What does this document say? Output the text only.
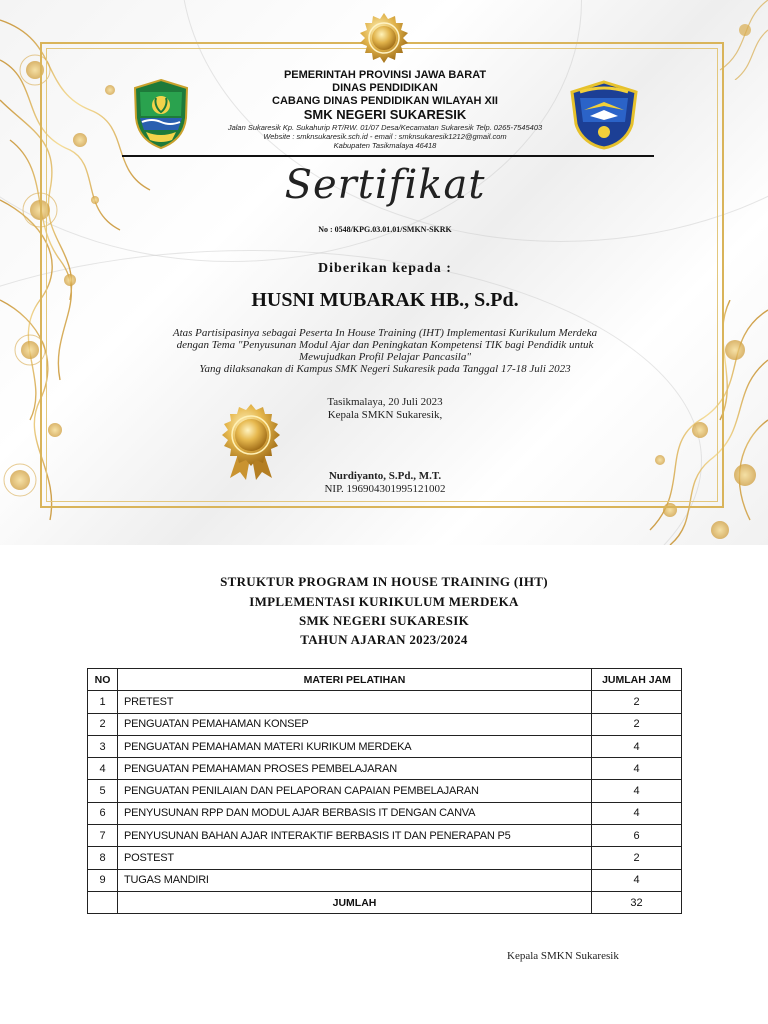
PEMERINTAH PROVINSI JAWA BARAT
DINAS PENDIDIKAN
CABANG DINAS PENDIDIKAN WILAYAH XII
SMK NEGERI SUKARESIK
Jalan Sukaresik Kp. Sukahurip RT/RW. 01/07 Desa/Kecamatan Sukaresik Telp. 0265-7545403
Website : smknsukaresik.sch.id - email : smknsukaresik1212@gmail.com
Kabupaten Tasikmalaya 46418
Sertifikat
No : 0548/KPG.03.01.01/SMKN-SKRK
Diberikan kepada :
HUSNI MUBARAK HB., S.Pd.
Atas Partisipasinya sebagai Peserta In House Training (IHT) Implementasi Kurikulum Merdeka
dengan Tema "Penyusunan Modul Ajar dan Peningkatan Kompetensi TIK bagi Pendidik untuk
Mewujudkan Profil Pelajar Pancasila"
Yang dilaksanakan di Kampus SMK Negeri Sukaresik pada Tanggal 17-18 Juli 2023
Tasikmalaya, 20 Juli 2023
Kepala SMKN Sukaresik,
Nurdiyanto, S.Pd., M.T.
NIP. 196904301995121002
STRUKTUR PROGRAM IN HOUSE TRAINING (IHT)
IMPLEMENTASI KURIKULUM MERDEKA
SMK NEGERI SUKARESIK
TAHUN AJARAN 2023/2024
NO	MATERI PELATIHAN	JUMLAH JAM
1	PRETEST	2
2	PENGUATAN PEMAHAMAN KONSEP	2
3	PENGUATAN PEMAHAMAN MATERI KURIKUM MERDEKA	4
4	PENGUATAN PEMAHAMAN PROSES PEMBELAJARAN	4
5	PENGUATAN PENILAIAN DAN PELAPORAN CAPAIAN PEMBELAJARAN	4
6	PENYUSUNAN RPP DAN MODUL AJAR BERBASIS IT DENGAN CANVA	4
7	PENYUSUNAN BAHAN AJAR INTERAKTIF BERBASIS IT DAN PENERAPAN P5	6
8	POSTEST	2
9	TUGAS MANDIRI	4
	JUMLAH	32
Kepala SMKN Sukaresik
